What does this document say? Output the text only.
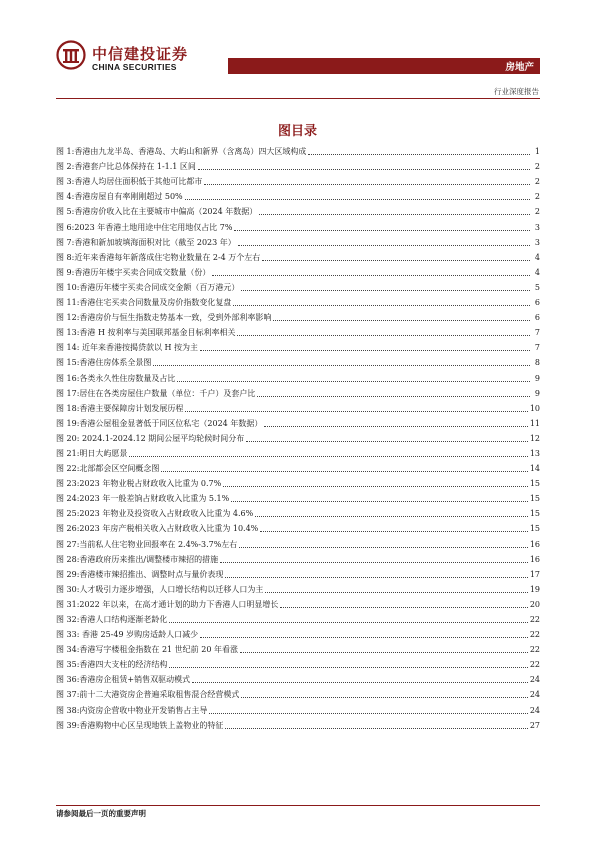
中信建投证券
CHINA SECURITIES	房地产
行业深度报告
图目录
图 1:香港由九龙半岛、香港岛、大屿山和新界（含离岛）四大区域构成	1
图 2:香港套户比总体保持在 1-1.1 区间	2
图 3:香港人均居住面积低于其他可比都市	2
图 4:香港房屋自有率刚刚超过 50%	2
图 5:香港房价收入比在主要城市中偏高（2024 年数据）	2
图 6:2023 年香港土地用途中住宅用地仅占比 7%	3
图 7:香港和新加坡填海面积对比（截至 2023 年）	3
图 8:近年来香港每年新落成住宅物业数量在 2-4 万个左右	4
图 9:香港历年楼宇买卖合同成交数量（份）	4
图 10:香港历年楼宇买卖合同成交金额（百万港元）	5
图 11:香港住宅买卖合同数量及房价指数变化复盘	6
图 12:香港房价与恒生指数走势基本一致，受到外部利率影响	6
图 13:香港 H 按利率与美国联邦基金目标利率相关	7
图 14: 近年来香港按揭贷款以 H 按为主	7
图 15:香港住房体系全景图	8
图 16:各类永久性住房数量及占比	9
图 17:居住在各类房屋住户数量（单位：千户）及套户比	9
图 18:香港主要保障房计划发展历程	10
图 19:香港公屋租金显著低于同区位私宅（2024 年数据）	11
图 20: 2024.1-2024.12 期间公屋平均轮候时间分布	12
图 21:明日大屿愿景	13
图 22:北部都会区空间概念图	14
图 23:2023 年物业税占财政收入比重为 0.7%	15
图 24:2023 年一般差饷占财政收入比重为 5.1%	15
图 25:2023 年物业及投资收入占财政收入比重为 4.6%	15
图 26:2023 年房产税相关收入占财政收入比重为 10.4%	15
图 27:当前私人住宅物业回报率在 2.4%-3.7%左右	16
图 28:香港政府历来推出/调整楼市辣招的措施	16
图 29:香港楼市辣招推出、调整时点与量价表现	17
图 30:人才吸引力逐步增强，人口增长结构以迁移人口为主	19
图 31:2022 年以来，在高才通计划的助力下香港人口明显增长	20
图 32:香港人口结构逐渐老龄化	22
图 33: 香港 25-49 岁购房适龄人口减少	22
图 34:香港写字楼租金指数在 21 世纪前 20 年看涨	22
图 35:香港四大支柱的经济结构	22
图 36:香港房企租赁+销售双驱动模式	24
图 37:前十二大港资房企普遍采取租售混合经营模式	24
图 38:内资房企营收中物业开发销售占主导	24
图 39:香港购物中心区呈现地铁上盖物业的特征	27
请参阅最后一页的重要声明
